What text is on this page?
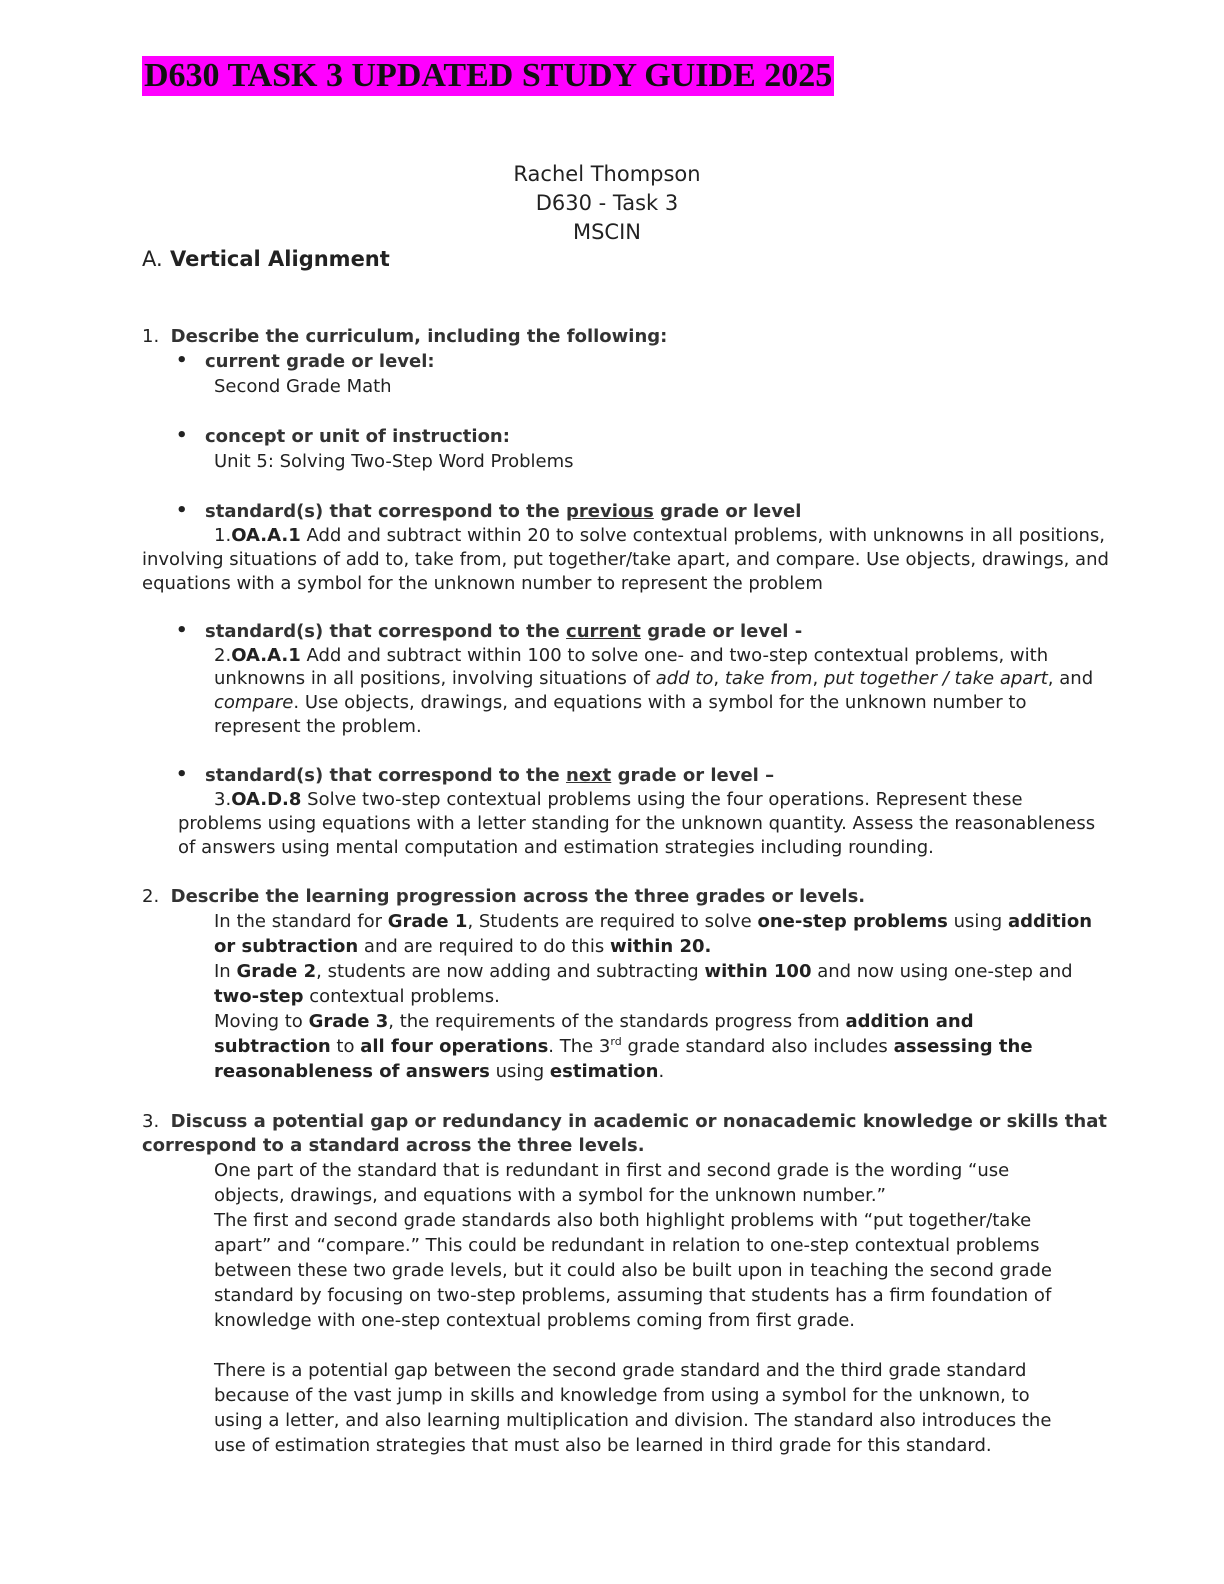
D630 TASK 3 UPDATED STUDY GUIDE 2025
Rachel Thompson
D630 - Task 3
MSCIN
A. Vertical Alignment
1. Describe the curriculum, including the following:
• current grade or level:
Second Grade Math
• concept or unit of instruction:
Unit 5: Solving Two-Step Word Problems
• standard(s) that correspond to the previous grade or level
1.OA.A.1 Add and subtract within 20 to solve contextual problems, with unknowns in all positions,
involving situations of add to, take from, put together/take apart, and compare. Use objects, drawings, and
equations with a symbol for the unknown number to represent the problem
• standard(s) that correspond to the current grade or level -
2.OA.A.1 Add and subtract within 100 to solve one- and two-step contextual problems, with
unknowns in all positions, involving situations of add to, take from, put together / take apart, and
compare. Use objects, drawings, and equations with a symbol for the unknown number to
represent the problem.
• standard(s) that correspond to the next grade or level –
3.OA.D.8 Solve two-step contextual problems using the four operations. Represent these
problems using equations with a letter standing for the unknown quantity. Assess the reasonableness
of answers using mental computation and estimation strategies including rounding.
2. Describe the learning progression across the three grades or levels.
In the standard for Grade 1, Students are required to solve one-step problems using addition
or subtraction and are required to do this within 20.
In Grade 2, students are now adding and subtracting within 100 and now using one-step and
two-step contextual problems.
Moving to Grade 3, the requirements of the standards progress from addition and
subtraction to all four operations. The 3rd grade standard also includes assessing the
reasonableness of answers using estimation.
3. Discuss a potential gap or redundancy in academic or nonacademic knowledge or skills that
correspond to a standard across the three levels.
One part of the standard that is redundant in first and second grade is the wording “use
objects, drawings, and equations with a symbol for the unknown number.”
The first and second grade standards also both highlight problems with “put together/take
apart” and “compare.” This could be redundant in relation to one-step contextual problems
between these two grade levels, but it could also be built upon in teaching the second grade
standard by focusing on two-step problems, assuming that students has a firm foundation of
knowledge with one-step contextual problems coming from first grade.
There is a potential gap between the second grade standard and the third grade standard
because of the vast jump in skills and knowledge from using a symbol for the unknown, to
using a letter, and also learning multiplication and division. The standard also introduces the
use of estimation strategies that must also be learned in third grade for this standard.
